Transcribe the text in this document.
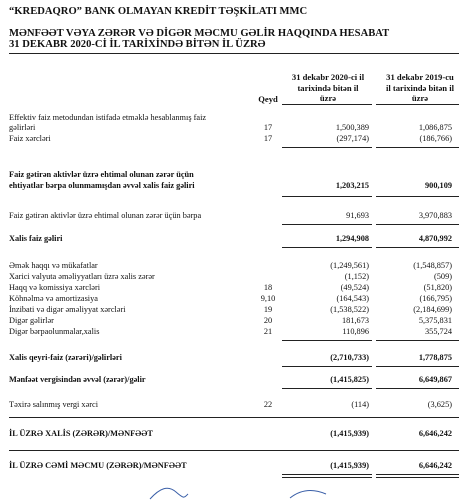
“KREDAQRO” BANK OLMAYAN KREDİT TƏŞKİLATI MMC
MƏNFƏƏT VƏYA ZƏRƏR VƏ DİGƏR MƏCMU GƏLİR HAQQINDA HESABAT
31 DEKABR 2020-Cİ İL TARİXİNDƏ BİTƏN İL ÜZRƏ
Qeyd
31 dekabr 2020-ci il
tarixində bitən il
üzrə
31 dekabr 2019-cu
il tarixində bitən il
üzrə
Effektiv faiz metodundan istifadə etməklə hesablanmış faiz
gəlirləri	17	1,500,389	1,086,875
Faiz xərcləri	17	(297,174)	(186,766)
Faiz gətirən aktivlər üzrə ehtimal olunan zərər üçün
ehtiyatlar bərpa olunmamışdan əvvəl xalis faiz gəliri	1,203,215	900,109
Faiz gətirən aktivlər üzrə ehtimal olunan zərər üçün bərpa	91,693	3,970,883
Xalis faiz gəliri	1,294,908	4,870,992
Əmək haqqı və mükafatlar	(1,249,561)	(1,548,857)
Xarici valyuta əməliyyatları üzrə xalis zərər	(1,152)	(509)
Haqq və komissiya xərcləri	18	(49,524)	(51,820)
Köhnəlmə və amortizasiya	9,10	(164,543)	(166,795)
İnzibati və digər əməliyyat xərcləri	19	(1,538,522)	(2,184,699)
Digər gəlirlər	20	181,673	5,375,831
Digər bərpaolunmalar,xalis	21	110,896	355,724
Xalis qeyri-faiz (zərəri)/gəlirləri	(2,710,733)	1,778,875
Mənfəət vergisindən əvvəl (zərər)/gəlir	(1,415,825)	6,649,867
Təxirə salınmış vergi xərci	22	(114)	(3,625)
İL ÜZRƏ XALİS (ZƏRƏR)/MƏNFƏƏT	(1,415,939)	6,646,242
İL ÜZRƏ CƏMİ MƏCMU (ZƏRƏR)/MƏNFƏƏT	(1,415,939)	6,646,242
